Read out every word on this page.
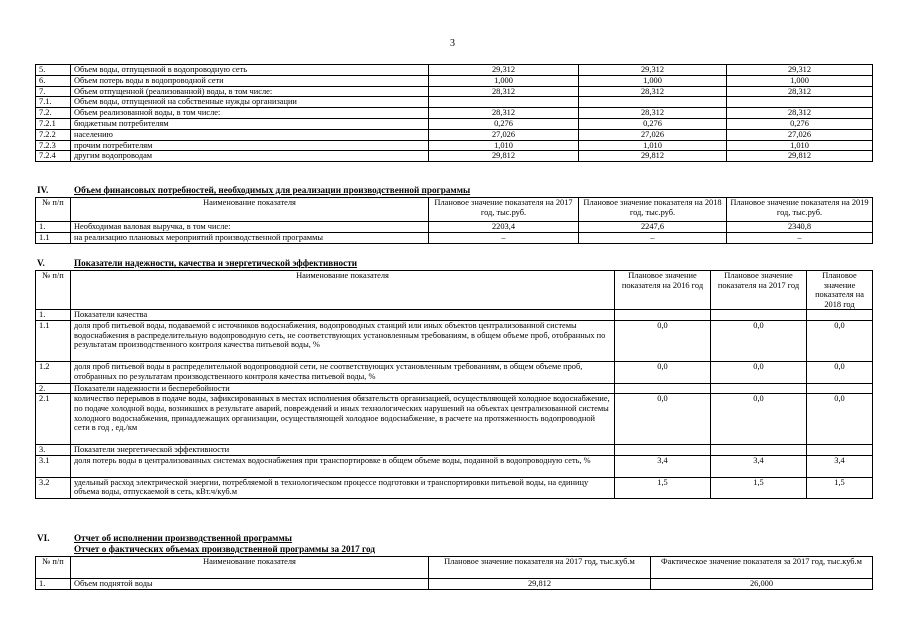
3
5.	Объем воды, отпущенной в водопроводную сеть	29,312	29,312	29,312
6.	Объем потерь воды в водопроводной сети	1,000	1,000	1,000
7.	Объем отпущенной (реализованной) воды, в том числе:	28,312	28,312	28,312
7.1.	Объем воды, отпущенной на собственные нужды организации			
7.2.	Объем реализованной воды, в том числе:	28,312	28,312	28,312
7.2.1	бюджетным потребителям	0,276	0,276	0,276
7.2.2	населению	27,026	27,026	27,026
7.2.3	прочим потребителям	1,010	1,010	1,010
7.2.4	другим водопроводам	29,812	29,812	29,812
IV.	Объем финансовых потребностей, необходимых для реализации производственной программы
№ п/п	Наименование показателя	Плановое значение показателя на 2017 год, тыс.руб.	Плановое значение показателя на 2018 год, тыс.руб.	Плановое значение показателя на 2019 год, тыс.руб.
1.	Необходимая валовая выручка, в том числе:	2203,4	2247,6	2340,8
1.1	на реализацию плановых мероприятий производственной программы	–	–	–
V.	Показатели надежности, качества и энергетической эффективности
№ п/п	Наименование показателя	Плановое значение показателя на 2016 год	Плановое значение показателя на 2017 год	Плановое значение показателя на 2018 год
1.	Показатели качества			
1.1	доля проб питьевой воды, подаваемой с источников водоснабжения, водопроводных станций или иных объектов централизованной системы водоснабжения в распределительную водопроводную сеть, не соответствующих установленным требованиям, в общем объеме проб, отобранных по результатам производственного контроля качества питьевой воды, %	0,0	0,0	0,0
1.2	доля проб питьевой воды в распределительной водопроводной сети, не соответствующих установленным требованиям, в общем объеме проб, отобранных по результатам производственного контроля качества питьевой воды, %	0,0	0,0	0,0
2.	Показатели надежности и бесперебойности			
2.1	количество перерывов в подаче воды, зафиксированных в местах исполнения обязательств организацией, осуществляющей холодное водоснабжение, по подаче холодной воды, возникших в результате аварий, повреждений и иных технологических нарушений на объектах централизованной системы холодного водоснабжения, принадлежащих организации, осуществляющей холодное водоснабжение, в расчете на протяженность водопроводной сети в год , ед./км	0,0	0,0	0,0
3.	Показатели энергетической эффективности			
3.1	доля потерь воды в централизованных системах водоснабжения при транспортировке в общем объеме воды, поданной в водопроводную сеть, %	3,4	3,4	3,4
3.2	удельный расход электрической энергии, потребляемой в технологическом процессе подготовки и транспортировки питьевой воды, на единицу объема воды, отпускаемой в сеть, кВт.ч/куб.м	1,5	1,5	1,5
VI.	Отчет об исполнении производственной программы
Отчет о фактических объемах производственной программы за 2017 год
№ п/п	Наименование показателя	Плановое значение показателя на 2017 год, тыс.куб.м	Фактическое значение показателя за 2017 год, тыс.куб.м
1.	Объем поднятой воды	29,812	26,000
